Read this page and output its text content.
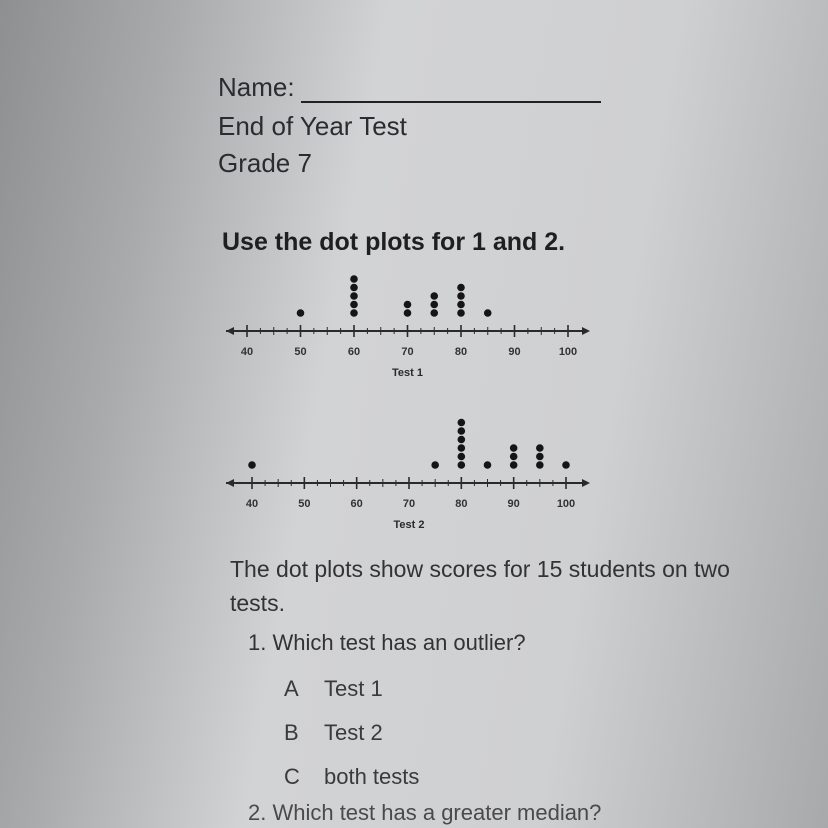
Name:
End of Year Test
Grade 7
Use the dot plots for 1 and 2.
40	50	60	70	80	90	100
Test 1
40	50	60	70	80	90	100
Test 2
The dot plots show scores for 15 students on two tests.
1. Which test has an outlier?
A Test 1
B Test 2
C both tests
2. Which test has a greater median?
